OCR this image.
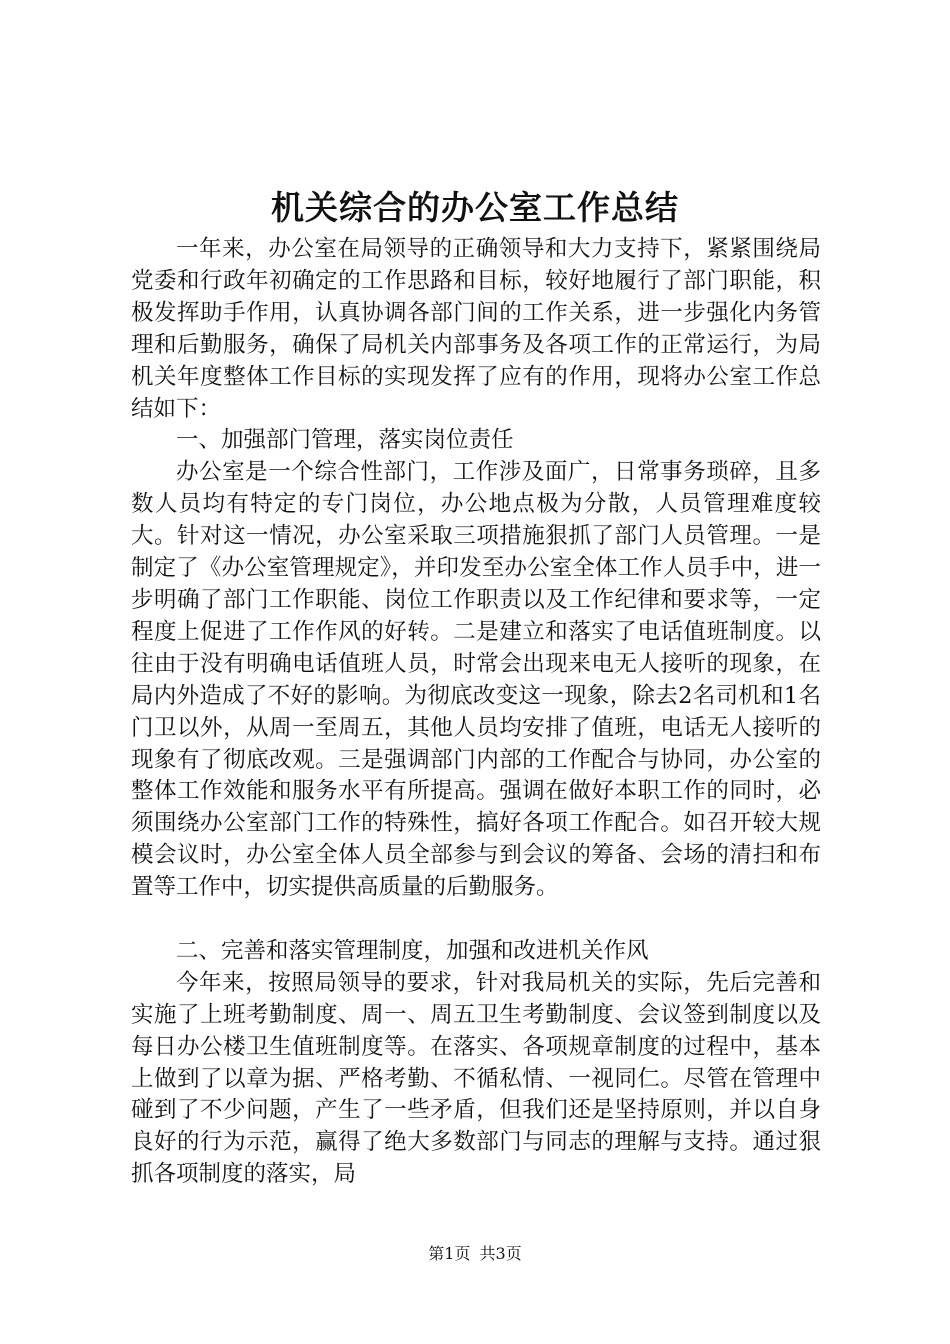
机关综合的办公室工作总结

一年来，办公室在局领导的正确领导和大力支持下，紧紧围绕局党委和行政年初确定的工作思路和目标，较好地履行了部门职能，积极发挥助手作用，认真协调各部门间的工作关系，进一步强化内务管理和后勤服务，确保了局机关内部事务及各项工作的正常运行，为局机关年度整体工作目标的实现发挥了应有的作用，现将办公室工作总结如下：

一、加强部门管理，落实岗位责任

办公室是一个综合性部门，工作涉及面广，日常事务琐碎，且多数人员均有特定的专门岗位，办公地点极为分散，人员管理难度较大。针对这一情况，办公室采取三项措施狠抓了部门人员管理。一是制定了《办公室管理规定》，并印发至办公室全体工作人员手中，进一步明确了部门工作职能、岗位工作职责以及工作纪律和要求等，一定程度上促进了工作作风的好转。二是建立和落实了电话值班制度。以往由于没有明确电话值班人员，时常会出现来电无人接听的现象，在局内外造成了不好的影响。为彻底改变这一现象，除去2名司机和1名门卫以外，从周一至周五，其他人员均安排了值班，电话无人接听的现象有了彻底改观。三是强调部门内部的工作配合与协同，办公室的整体工作效能和服务水平有所提高。强调在做好本职工作的同时，必须围绕办公室部门工作的特殊性，搞好各项工作配合。如召开较大规模会议时，办公室全体人员全部参与到会议的筹备、会场的清扫和布置等工作中，切实提供高质量的后勤服务。

二、完善和落实管理制度，加强和改进机关作风

今年来，按照局领导的要求，针对我局机关的实际，先后完善和实施了上班考勤制度、周一、周五卫生考勤制度、会议签到制度以及每日办公楼卫生值班制度等。在落实、各项规章制度的过程中，基本上做到了以章为据、严格考勤、不循私情、一视同仁。尽管在管理中碰到了不少问题，产生了一些矛盾，但我们还是坚持原则，并以自身良好的行为示范，赢得了绝大多数部门与同志的理解与支持。通过狠抓各项制度的落实，局

第1页 共3页
